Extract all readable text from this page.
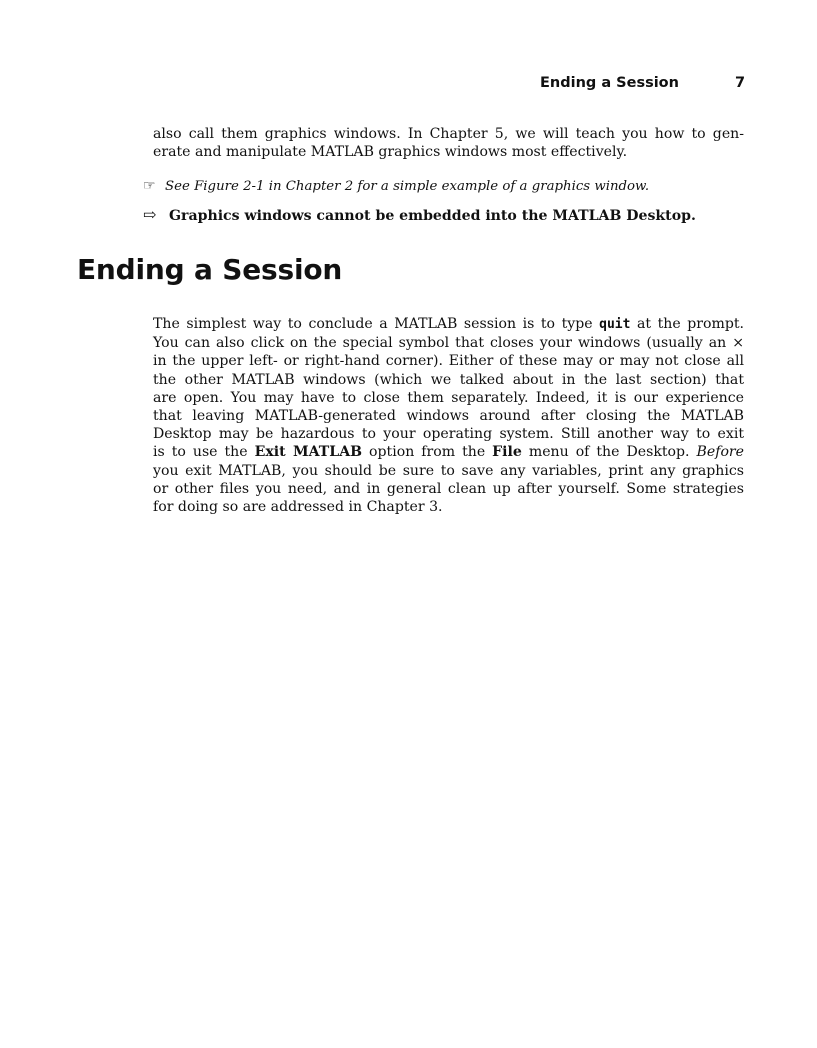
Ending a Session	7
also call them graphics windows. In Chapter 5, we will teach you how to gen-
erate and manipulate MATLAB graphics windows most effectively.
☞ See Figure 2-1 in Chapter 2 for a simple example of a graphics window.
⇨ Graphics windows cannot be embedded into the MATLAB Desktop.
Ending a Session
The simplest way to conclude a MATLAB session is to type quit at the prompt.
You can also click on the special symbol that closes your windows (usually an ×
in the upper left- or right-hand corner). Either of these may or may not close all
the other MATLAB windows (which we talked about in the last section) that
are open. You may have to close them separately. Indeed, it is our experience
that leaving MATLAB-generated windows around after closing the MATLAB
Desktop may be hazardous to your operating system. Still another way to exit
is to use the Exit MATLAB option from the File menu of the Desktop. Before
you exit MATLAB, you should be sure to save any variables, print any graphics
or other files you need, and in general clean up after yourself. Some strategies
for doing so are addressed in Chapter 3.
